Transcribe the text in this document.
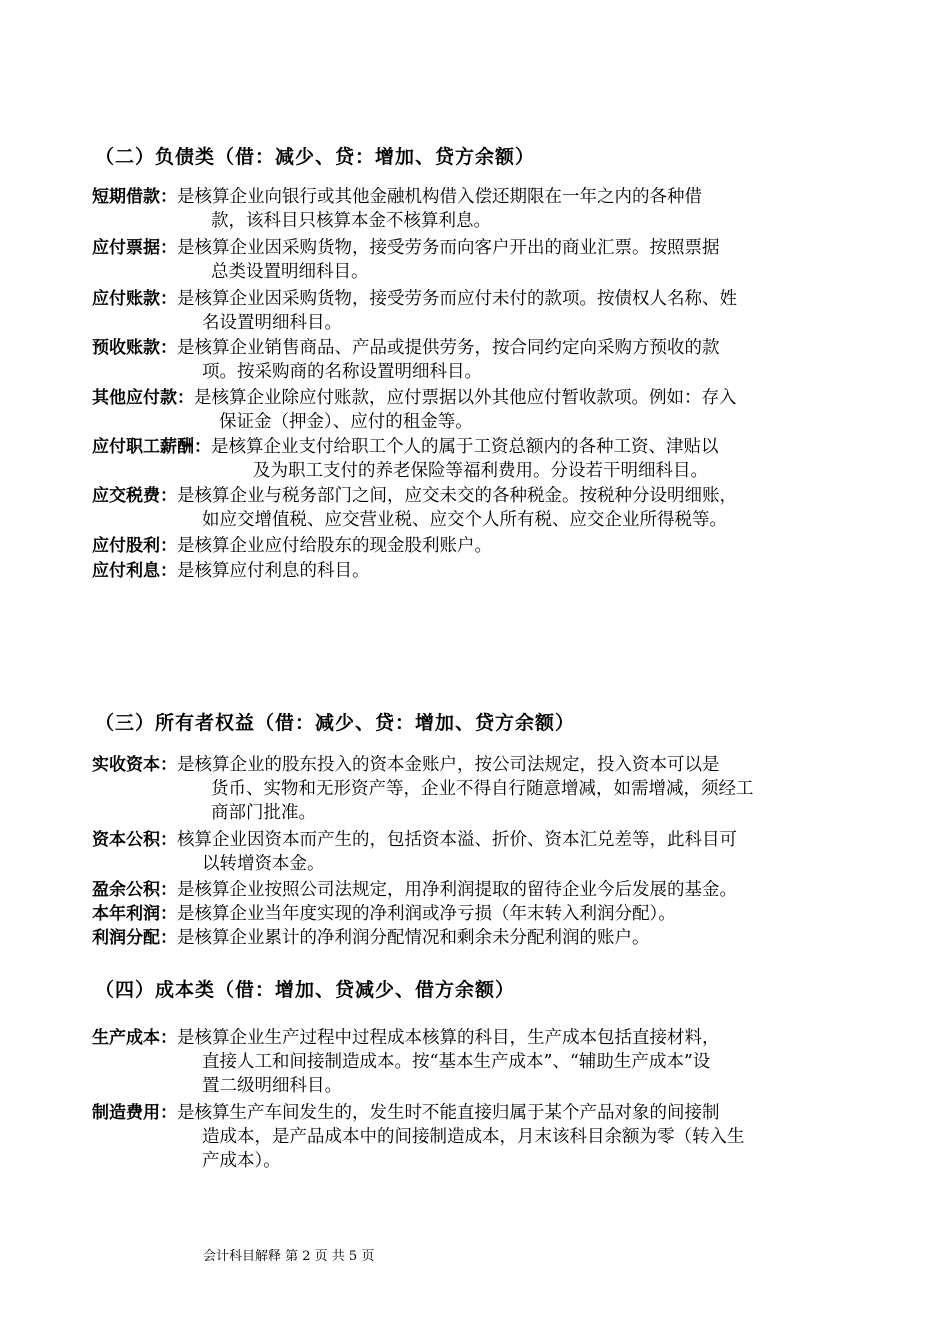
（二）负债类（借：减少、贷：增加、贷方余额）
短期借款：是核算企业向银行或其他金融机构借入偿还期限在一年之内的各种借
款，该科目只核算本金不核算利息。
应付票据：是核算企业因采购货物，接受劳务而向客户开出的商业汇票。按照票据
总类设置明细科目。
应付账款：是核算企业因采购货物，接受劳务而应付未付的款项。按债权人名称、姓
名设置明细科目。
预收账款：是核算企业销售商品、产品或提供劳务，按合同约定向采购方预收的款
项。按采购商的名称设置明细科目。
其他应付款：是核算企业除应付账款，应付票据以外其他应付暂收款项。例如：存入
保证金（押金）、应付的租金等。
应付职工薪酬：是核算企业支付给职工个人的属于工资总额内的各种工资、津贴以
及为职工支付的养老保险等福利费用。分设若干明细科目。
应交税费：是核算企业与税务部门之间，应交未交的各种税金。按税种分设明细账，
如应交增值税、应交营业税、应交个人所有税、应交企业所得税等。
应付股利：是核算企业应付给股东的现金股利账户。
应付利息：是核算应付利息的科目。
（三）所有者权益（借：减少、贷：增加、贷方余额）
实收资本：是核算企业的股东投入的资本金账户，按公司法规定，投入资本可以是
货币、实物和无形资产等，企业不得自行随意增减，如需增减，须经工
商部门批准。
资本公积：核算企业因资本而产生的，包括资本溢、折价、资本汇兑差等，此科目可
以转增资本金。
盈余公积：是核算企业按照公司法规定，用净利润提取的留待企业今后发展的基金。
本年利润：是核算企业当年度实现的净利润或净亏损（年末转入利润分配）。
利润分配：是核算企业累计的净利润分配情况和剩余未分配利润的账户。
（四）成本类（借：增加、贷减少、借方余额）
生产成本：是核算企业生产过程中过程成本核算的科目，生产成本包括直接材料，
直接人工和间接制造成本。按“基本生产成本”、“辅助生产成本”设
置二级明细科目。
制造费用：是核算生产车间发生的，发生时不能直接归属于某个产品对象的间接制
造成本，是产品成本中的间接制造成本，月末该科目余额为零（转入生
产成本）。
会计科目解释 第 2 页 共 5 页
